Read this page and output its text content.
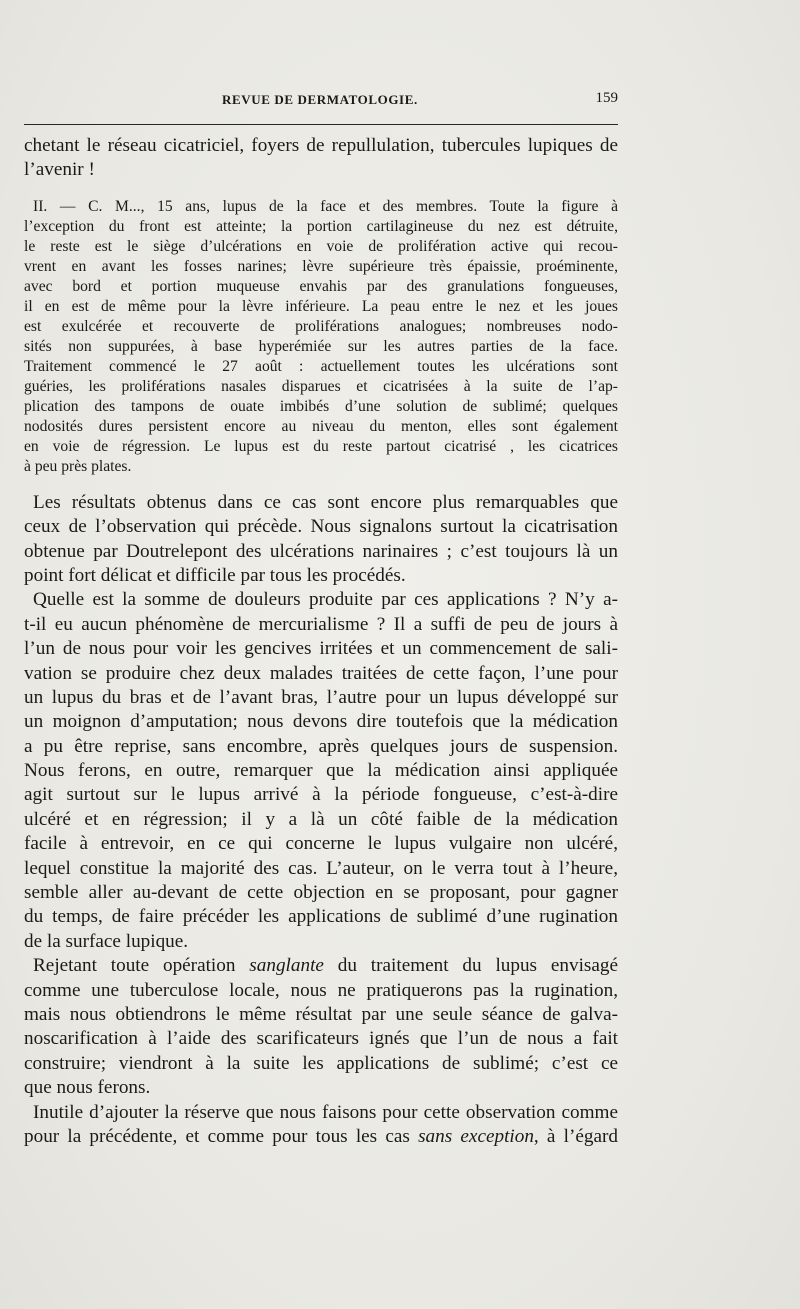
REVUE DE DERMATOLOGIE.	159
chetant le réseau cicatriciel, foyers de repullulation, tubercules lupiques de
l’avenir !
II. — C. M..., 15 ans, lupus de la face et des membres. Toute la figure à
l’exception du front est atteinte; la portion cartilagineuse du nez est détruite,
le reste est le siège d’ulcérations en voie de prolifération active qui recou-
vrent en avant les fosses narines; lèvre supérieure très épaissie, proéminente,
avec bord et portion muqueuse envahis par des granulations fongueuses,
il en est de même pour la lèvre inférieure. La peau entre le nez et les joues
est exulcérée et recouverte de proliférations analogues; nombreuses nodo-
sités non suppurées, à base hyperémiée sur les autres parties de la face.
Traitement commencé le 27 août : actuellement toutes les ulcérations sont
guéries, les proliférations nasales disparues et cicatrisées à la suite de l’ap-
plication des tampons de ouate imbibés d’une solution de sublimé; quelques
nodosités dures persistent encore au niveau du menton, elles sont également
en voie de régression. Le lupus est du reste partout cicatrisé , les cicatrices
à peu près plates.
Les résultats obtenus dans ce cas sont encore plus remarquables que
ceux de l’observation qui précède. Nous signalons surtout la cicatrisation
obtenue par Doutrelepont des ulcérations narinaires ; c’est toujours là un
point fort délicat et difficile par tous les procédés.
Quelle est la somme de douleurs produite par ces applications ? N’y a-
t-il eu aucun phénomène de mercurialisme ? Il a suffi de peu de jours à
l’un de nous pour voir les gencives irritées et un commencement de sali-
vation se produire chez deux malades traitées de cette façon, l’une pour
un lupus du bras et de l’avant bras, l’autre pour un lupus développé sur
un moignon d’amputation; nous devons dire toutefois que la médication
a pu être reprise, sans encombre, après quelques jours de suspension.
Nous ferons, en outre, remarquer que la médication ainsi appliquée
agit surtout sur le lupus arrivé à la période fongueuse, c’est-à-dire
ulcéré et en régression; il y a là un côté faible de la médication
facile à entrevoir, en ce qui concerne le lupus vulgaire non ulcéré,
lequel constitue la majorité des cas. L’auteur, on le verra tout à l’heure,
semble aller au-devant de cette objection en se proposant, pour gagner
du temps, de faire précéder les applications de sublimé d’une rugination
de la surface lupique.
Rejetant toute opération sanglante du traitement du lupus envisagé
comme une tuberculose locale, nous ne pratiquerons pas la rugination,
mais nous obtiendrons le même résultat par une seule séance de galva-
noscarification à l’aide des scarificateurs ignés que l’un de nous a fait
construire; viendront à la suite les applications de sublimé; c’est ce
que nous ferons.
Inutile d’ajouter la réserve que nous faisons pour cette observation comme
pour la précédente, et comme pour tous les cas sans exception, à l’égard
